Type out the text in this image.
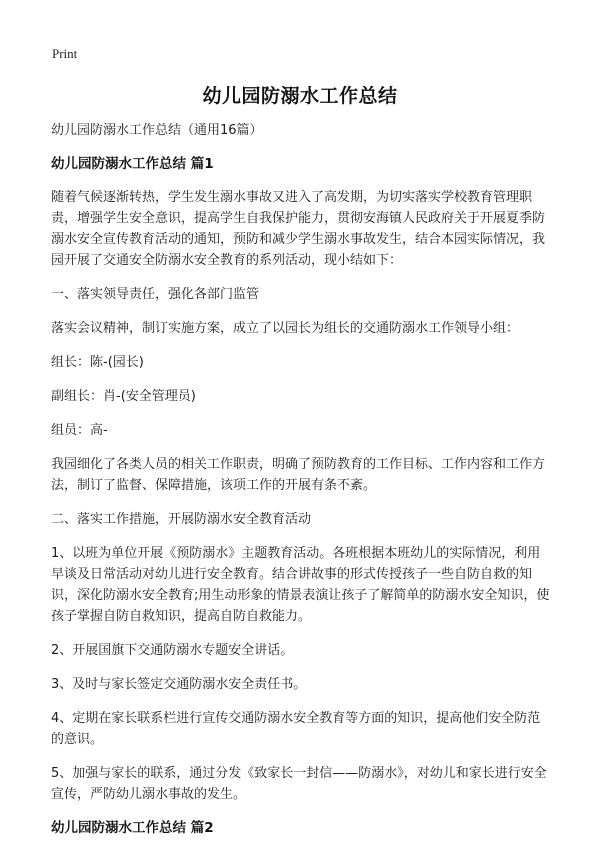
Print
幼儿园防溺水工作总结
幼儿园防溺水工作总结（通用16篇）
幼儿园防溺水工作总结 篇1
随着气候逐渐转热，学生发生溺水事故又进入了高发期，为切实落实学校教育管理职责，增强学生安全意识，提高学生自我保护能力，贯彻安海镇人民政府关于开展夏季防溺水安全宣传教育活动的通知，预防和减少学生溺水事故发生，结合本园实际情况，我园开展了交通安全防溺水安全教育的系列活动，现小结如下：
一、落实领导责任，强化各部门监管
落实会议精神，制订实施方案，成立了以园长为组长的交通防溺水工作领导小组：
组长：陈-(园长)
副组长：肖-(安全管理员)
组员：高-
我园细化了各类人员的相关工作职责，明确了预防教育的工作目标、工作内容和工作方法，制订了监督、保障措施，该项工作的开展有条不紊。
二、落实工作措施，开展防溺水安全教育活动
1、以班为单位开展《预防溺水》主题教育活动。各班根据本班幼儿的实际情况，利用早谈及日常活动对幼儿进行安全教育。结合讲故事的形式传授孩子一些自防自救的知识，深化防溺水安全教育;用生动形象的情景表演让孩子了解简单的防溺水安全知识，使孩子掌握自防自救知识，提高自防自救能力。
2、开展国旗下交通防溺水专题安全讲话。
3、及时与家长签定交通防溺水安全责任书。
4、定期在家长联系栏进行宣传交通防溺水安全教育等方面的知识，提高他们安全防范的意识。
5、加强与家长的联系，通过分发《致家长一封信——防溺水》，对幼儿和家长进行安全宣传，严防幼儿溺水事故的发生。
幼儿园防溺水工作总结 篇2
